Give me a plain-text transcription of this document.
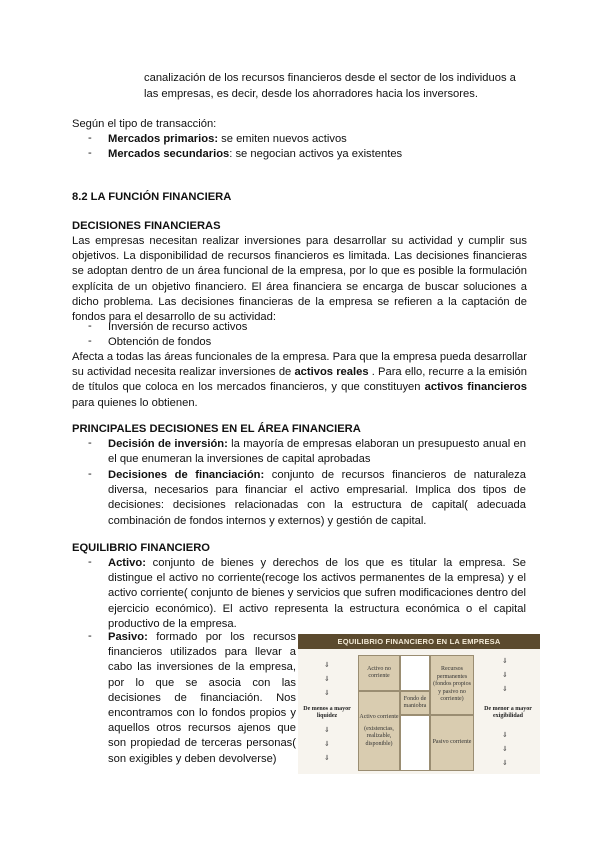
canalización de los recursos financieros desde el sector de los individuos a

las empresas, es decir, desde los ahorradores hacia los inversores.

Según el tipo de transacción:

- Mercados primarios: se emiten nuevos activos
- Mercados secundarios: se negocian activos ya existentes

8.2 LA FUNCIÓN FINANCIERA

DECISIONES FINANCIERAS

Las empresas necesitan realizar inversiones para desarrollar su actividad y cumplir sus objetivos. La disponibilidad de recursos financieros es limitada. Las decisiones financieras se adoptan dentro de un área funcional de la empresa, por lo que es posible la formulación explícita de un objetivo financiero. El área financiera se encarga de buscar soluciones a dicho problema. Las decisiones financieras de la empresa se refieren a la captación de fondos para el desarrollo de su actividad:

- Inversión de recurso activos
- Obtención de fondos

Afecta a todas las áreas funcionales de la empresa. Para que la empresa pueda desarrollar su actividad necesita realizar inversiones de activos reales . Para ello, recurre a la emisión de títulos que coloca en los mercados financieros, y que constituyen activos financieros para quienes lo obtienen.

PRINCIPALES DECISIONES EN EL ÁREA FINANCIERA

- Decisión de inversión: la mayoría de empresas elaboran un presupuesto anual en el que enumeran la inversiones de capital aprobadas

- Decisiones de financiación: conjunto de recursos financieros de naturaleza diversa, necesarios para financiar el activo empresarial. Implica dos tipos de decisiones: decisiones relacionadas con la estructura de capital( adecuada combinación de fondos internos y externos) y gestión de capital.

EQUILIBRIO FINANCIERO

- Activo: conjunto de bienes y derechos de los que es titular la empresa. Se distingue el activo no corriente(recoge los activos permanentes de la empresa) y el activo corriente( conjunto de bienes y servicios que sufren modificaciones dentro del ejercicio económico). El activo representa la estructura económica o el capital productivo de la empresa.

- Pasivo: formado por los recursos financieros utilizados para llevar a cabo las inversiones de la empresa, por lo que se asocia con las decisiones de financiación. Nos encontramos con lo fondos propios y aquellos otros recursos ajenos que son propiedad de terceras personas( son exigibles y deben devolverse)

EQUILIBRIO FINANCIERO EN LA EMPRESA
⇓
⇓
⇓
De menos a mayor liquidez
⇓
⇓
⇓
Activo no corriente
Activo corriente
(existencias, realizable, disponible)
Fondo de maniobra
Recursos permanentes (fondos propios y pasivo no corriente)
Pasivo corriente
⇓
⇓
⇓
De menor a mayor exigibilidad
⇓
⇓
⇓
